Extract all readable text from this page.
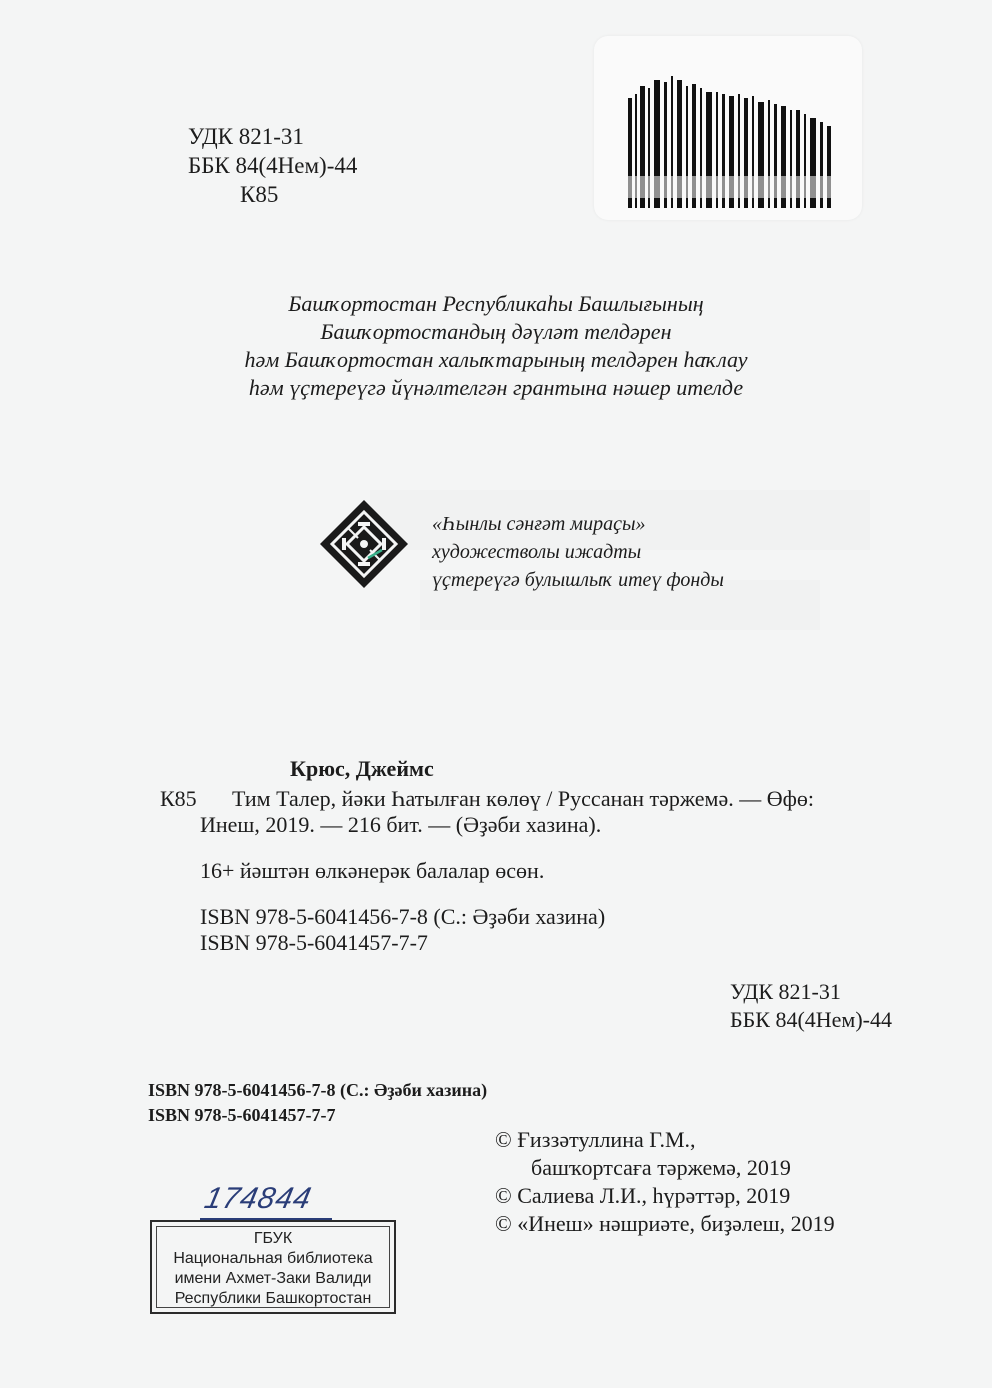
УДК 821-31
ББК 84(4Нем)-44
К85

Башҡортостан Республикаһы Башлығының

Башҡортостандың дәүләт телдәрен

һәм Башҡортостан халыҡтарының телдәрен һаҡлау

һәм үҫтереүгә йүнәлтелгән грантына нәшер ителде

«Һынлы сәнғәт мираҫы»

художестволы ижадты

үҫтереүгә булышлыҡ итеү фонды

Крюс, Джеймс
К85 Тим Талер, йәки Һатылған көлөү / Руссанан тәржемә. — Өфө:
Инеш, 2019. — 216 бит. — (Әҙәби хазина).
16+ йәштән өлкәнерәк балалар өсөн.
ISBN 978-5-6041456-7-8 (С.: Әҙәби хазина)
ISBN 978-5-6041457-7-7
УДК 821-31
ББК 84(4Нем)-44
ISBN 978-5-6041456-7-8 (С.: Әҙәби хазина)
ISBN 978-5-6041457-7-7
© Ғиззәтуллина Г.М.,
башҡортсаға тәржемә, 2019
© Салиева Л.И., һүрәттәр, 2019
© «Инеш» нәшриәте, биҙәлеш, 2019
174844

ГБУК

Национальная библиотека

имени Ахмет-Заки Валиди

Республики Башкортостан
